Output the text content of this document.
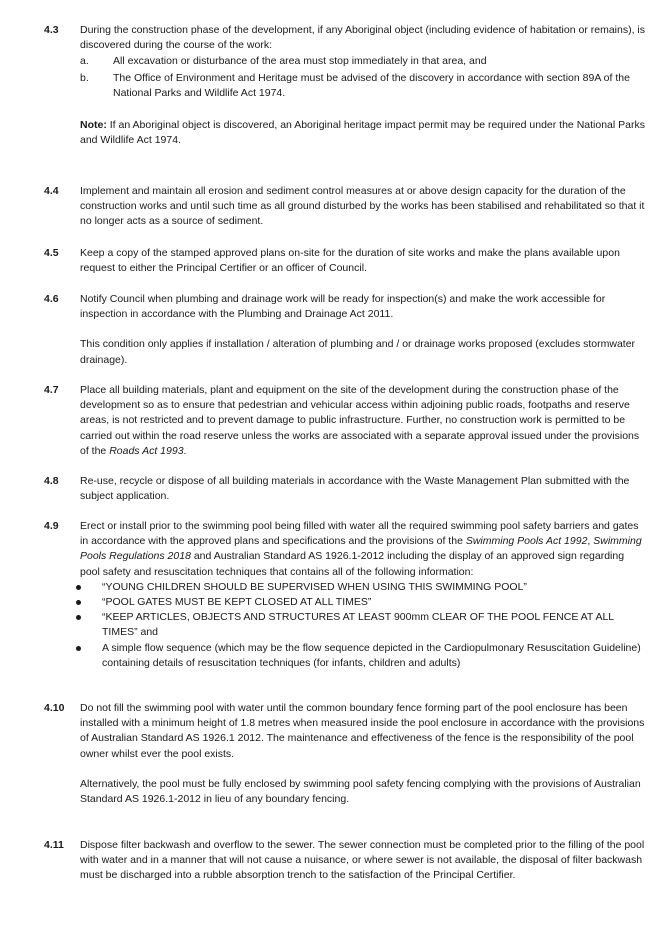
4.3 During the construction phase of the development, if any Aboriginal object (including evidence of habitation or remains), is discovered during the course of the work:

a. All excavation or disturbance of the area must stop immediately in that area, and
b. The Office of Environment and Heritage must be advised of the discovery in accordance with section 89A of the National Parks and Wildlife Act 1974.

Note: If an Aboriginal object is discovered, an Aboriginal heritage impact permit may be required under the National Parks and Wildlife Act 1974.

4.4 Implement and maintain all erosion and sediment control measures at or above design capacity for the duration of the construction works and until such time as all ground disturbed by the works has been stabilised and rehabilitated so that it no longer acts as a source of sediment.

4.5 Keep a copy of the stamped approved plans on-site for the duration of site works and make the plans available upon request to either the Principal Certifier or an officer of Council.

4.6 Notify Council when plumbing and drainage work will be ready for inspection(s) and make the work accessible for inspection in accordance with the Plumbing and Drainage Act 2011.

This condition only applies if installation / alteration of plumbing and / or drainage works proposed (excludes stormwater drainage).

4.7 Place all building materials, plant and equipment on the site of the development during the construction phase of the development so as to ensure that pedestrian and vehicular access within adjoining public roads, footpaths and reserve areas, is not restricted and to prevent damage to public infrastructure. Further, no construction work is permitted to be carried out within the road reserve unless the works are associated with a separate approval issued under the provisions of the Roads Act 1993.

4.8 Re-use, recycle or dispose of all building materials in accordance with the Waste Management Plan submitted with the subject application.

4.9 Erect or install prior to the swimming pool being filled with water all the required swimming pool safety barriers and gates in accordance with the approved plans and specifications and the provisions of the Swimming Pools Act 1992, Swimming Pools Regulations 2018 and Australian Standard AS 1926.1-2012 including the display of an approved sign regarding pool safety and resuscitation techniques that contains all of the following information:

“YOUNG CHILDREN SHOULD BE SUPERVISED WHEN USING THIS SWIMMING POOL”
“POOL GATES MUST BE KEPT CLOSED AT ALL TIMES”
“KEEP ARTICLES, OBJECTS AND STRUCTURES AT LEAST 900mm CLEAR OF THE POOL FENCE AT ALL TIMES” and
A simple flow sequence (which may be the flow sequence depicted in the Cardiopulmonary Resuscitation Guideline) containing details of resuscitation techniques (for infants, children and adults)
4.10 Do not fill the swimming pool with water until the common boundary fence forming part of the pool enclosure has been installed with a minimum height of 1.8 metres when measured inside the pool enclosure in accordance with the provisions of Australian Standard AS 1926.1 2012. The maintenance and effectiveness of the fence is the responsibility of the pool owner whilst ever the pool exists.

Alternatively, the pool must be fully enclosed by swimming pool safety fencing complying with the provisions of Australian Standard AS 1926.1-2012 in lieu of any boundary fencing.

4.11 Dispose filter backwash and overflow to the sewer. The sewer connection must be completed prior to the filling of the pool with water and in a manner that will not cause a nuisance, or where sewer is not available, the disposal of filter backwash must be discharged into a rubble absorption trench to the satisfaction of the Principal Certifier.
